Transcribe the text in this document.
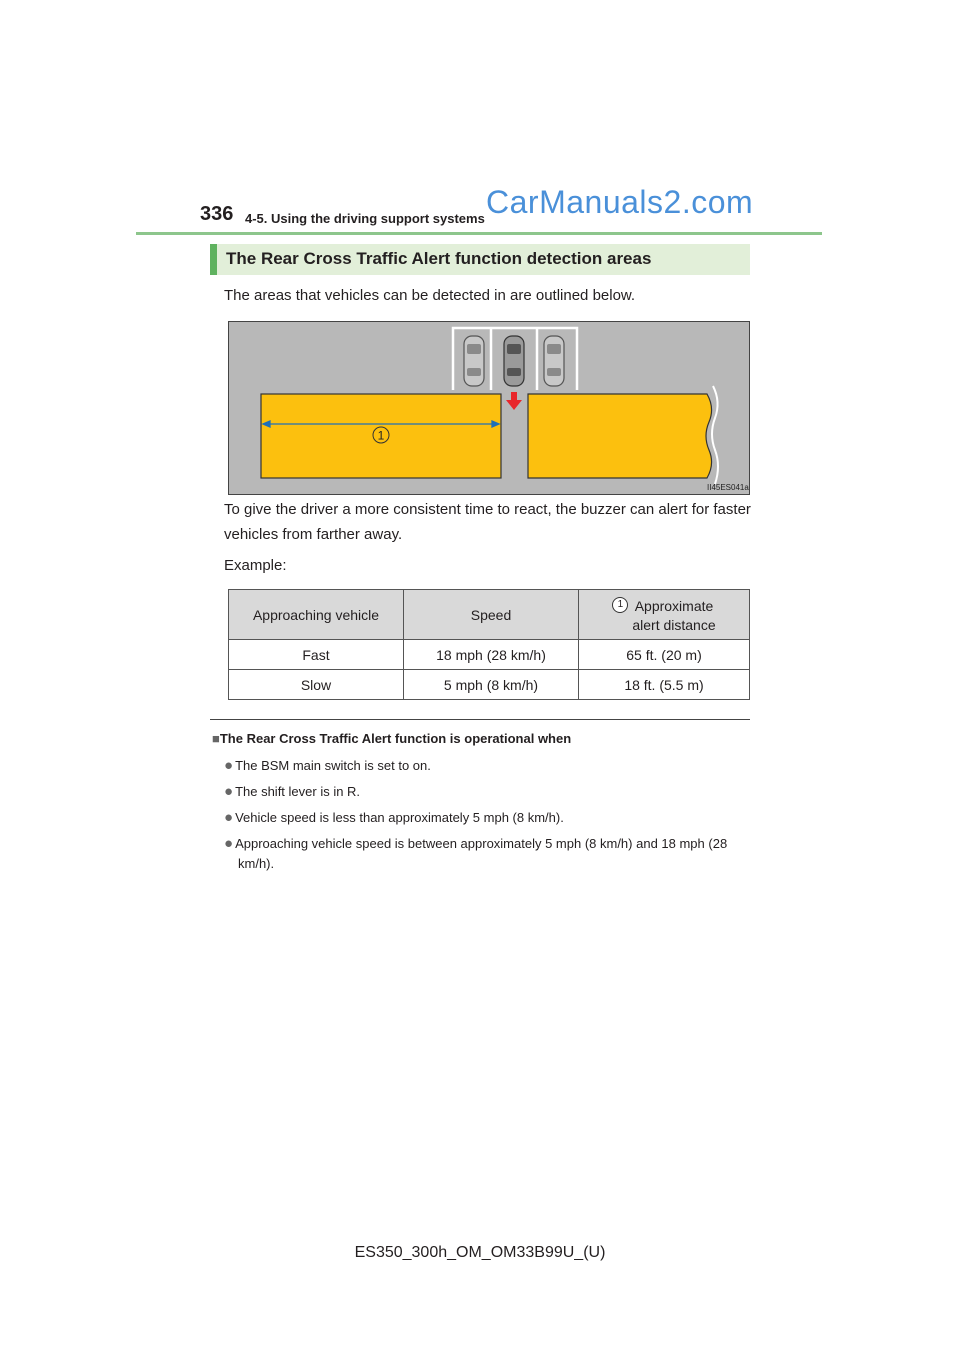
336 4-5. Using the driving support systems CarManuals2.com
The Rear Cross Traffic Alert function detection areas
The areas that vehicles can be detected in are outlined below.
1
II45ES041a
To give the driver a more consistent time to react, the buzzer can alert for faster vehicles from farther away.
Example:
Approaching vehicle	Speed	1 Approximate
alert distance

Fast	18 mph (28 km/h)	65 ft. (20 m)
Slow	5 mph (8 km/h)	18 ft. (5.5 m)
■The Rear Cross Traffic Alert function is operational when
● The BSM main switch is set to on.
● The shift lever is in R.
● Vehicle speed is less than approximately 5 mph (8 km/h).
● Approaching vehicle speed is between approximately 5 mph (8 km/h) and 18 mph (28 km/h).
ES350_300h_OM_OM33B99U_(U)
